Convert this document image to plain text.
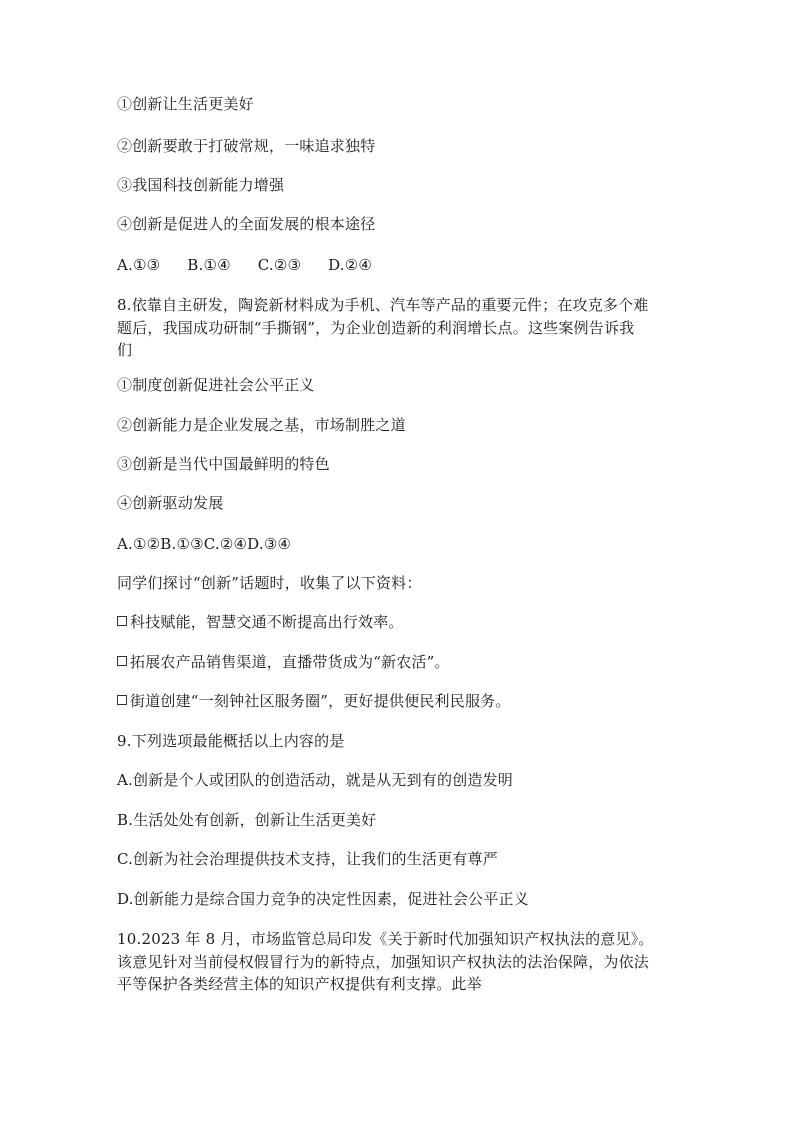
①创新让生活更美好
②创新要敢于打破常规，一味追求独特
③我国科技创新能力增强
④创新是促进人的全面发展的根本途径
A.①③ B.①④ C.②③ D.②④
8.依靠自主研发，陶瓷新材料成为手机、汽车等产品的重要元件；在攻克多个难
题后，我国成功研制“手撕钢”，为企业创造新的利润增长点。这些案例告诉我
们
①制度创新促进社会公平正义
②创新能力是企业发展之基，市场制胜之道
③创新是当代中国最鲜明的特色
④创新驱动发展
A.①②B.①③C.②④D.③④
同学们探讨“创新”话题时，收集了以下资料：
科技赋能，智慧交通不断提高出行效率。
拓展农产品销售渠道，直播带货成为“新农活”。
街道创建“一刻钟社区服务圈”，更好提供便民利民服务。
9.下列选项最能概括以上内容的是
A.创新是个人或团队的创造活动，就是从无到有的创造发明
B.生活处处有创新，创新让生活更美好
C.创新为社会治理提供技术支持，让我们的生活更有尊严
D.创新能力是综合国力竞争的决定性因素，促进社会公平正义
10.2023 年 8 月，市场监管总局印发《关于新时代加强知识产权执法的意见》。
该意见针对当前侵权假冒行为的新特点，加强知识产权执法的法治保障，为依法
平等保护各类经营主体的知识产权提供有利支撑。此举
